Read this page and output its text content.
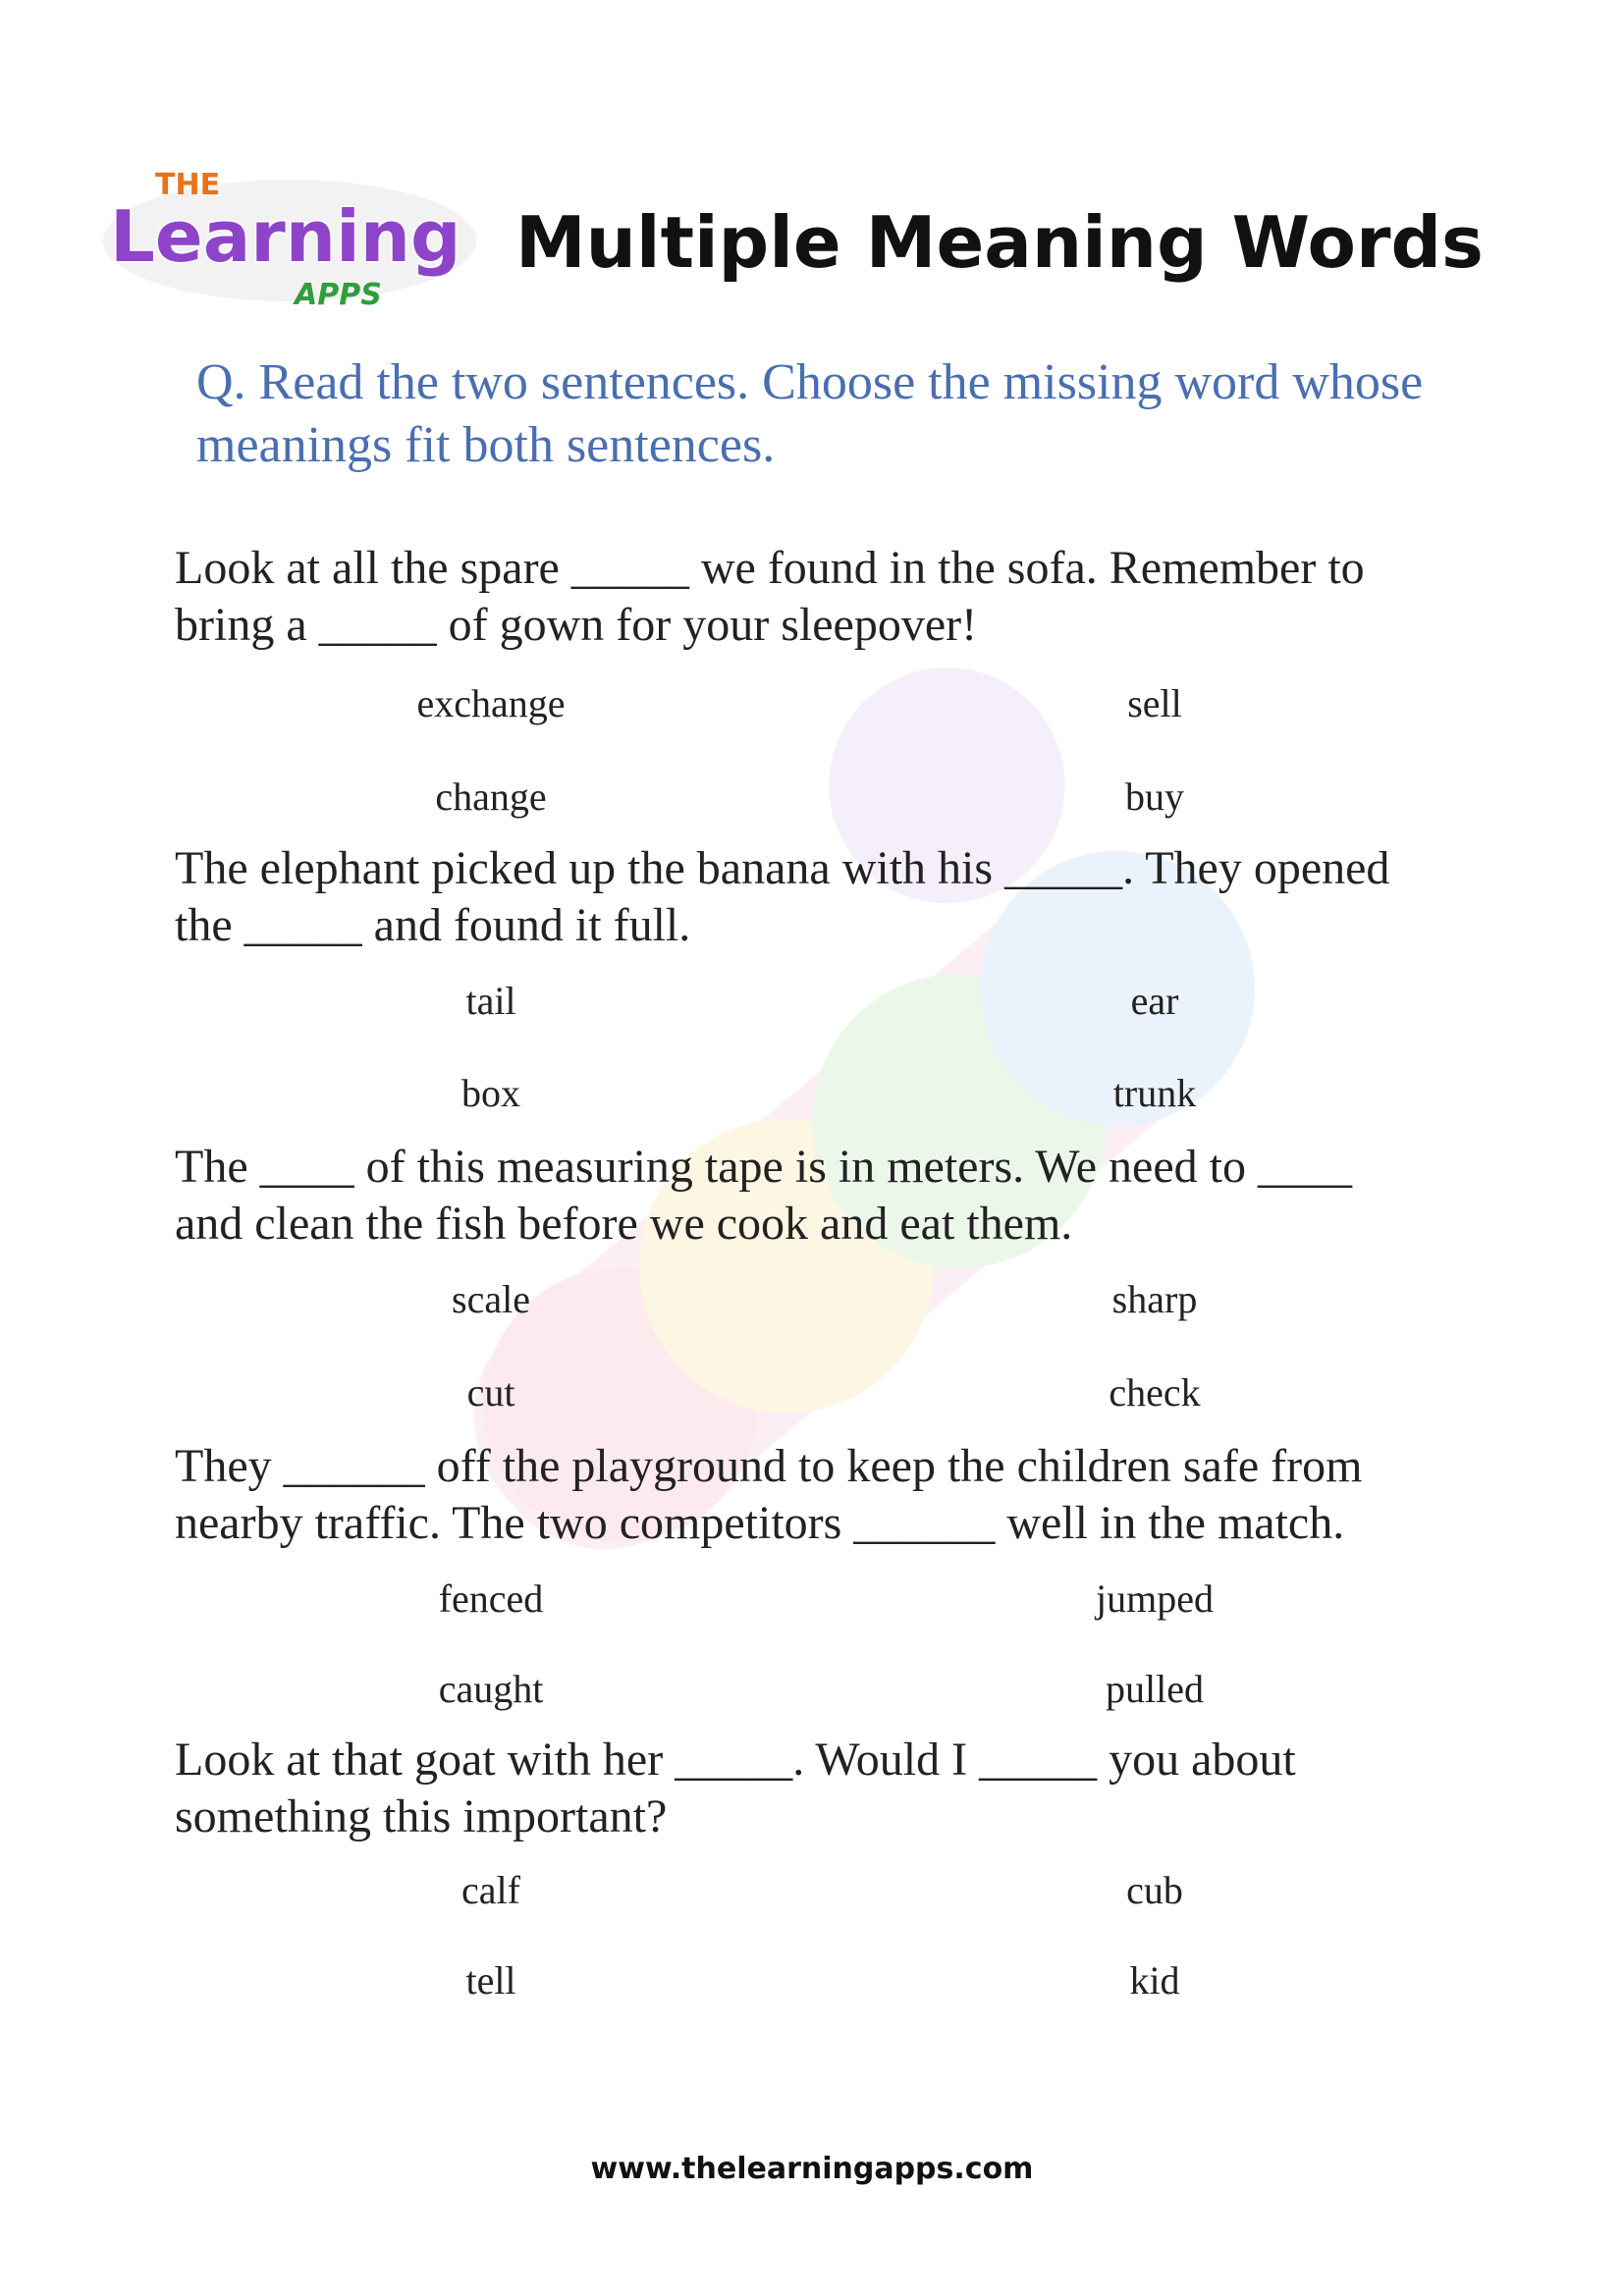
THE
Learning
APPS
Multiple Meaning Words

Q. Read the two sentences. Choose the missing word whose meanings fit both sentences.

Look at all the spare _____ we found in the sofa. Remember to
bring a _____ of gown for your sleepover!

exchange	sell
change	buy

The elephant picked up the banana with his _____. They opened
the _____ and found it full.

tail	ear
box	trunk

The ____ of this measuring tape is in meters. We need to ____
and clean the fish before we cook and eat them.

scale	sharp
cut	check

They ______ off the playground to keep the children safe from
nearby traffic. The two competitors ______ well in the match.

fenced	jumped
caught	pulled

Look at that goat with her _____. Would I _____ you about
something this important?

calf	cub
tell	kid
www.thelearningapps.com
